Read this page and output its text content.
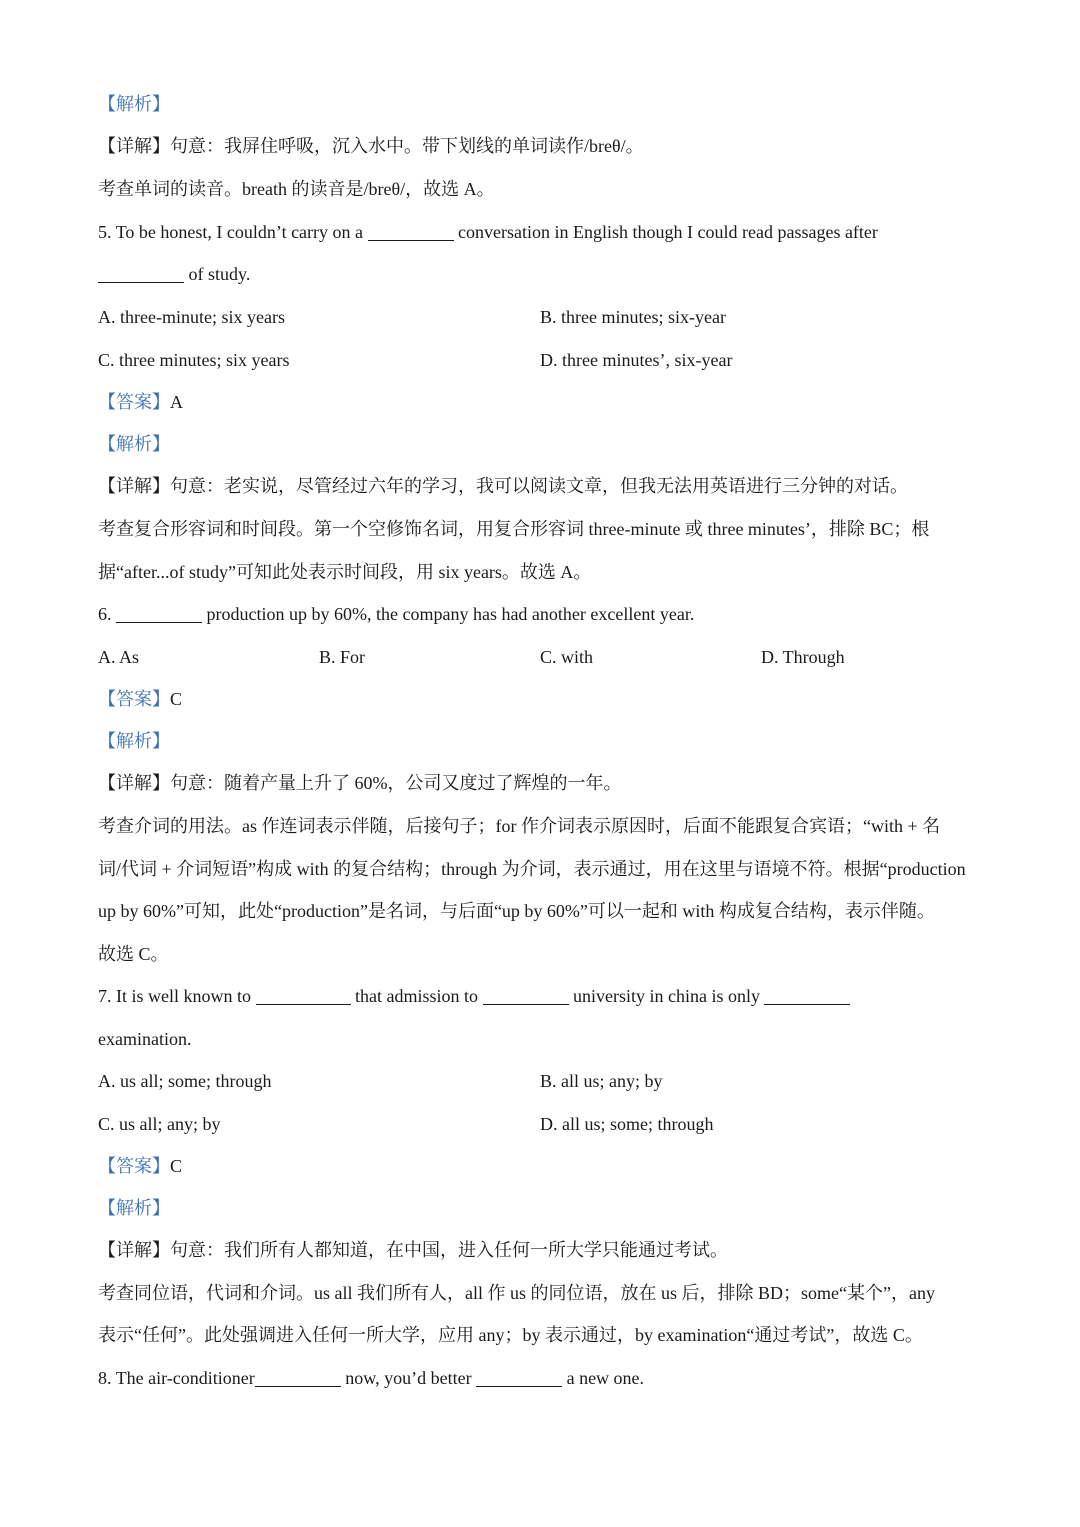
【解析】
【详解】句意：我屏住呼吸，沉入水中。带下划线的单词读作/breθ/。
考查单词的读音。breath 的读音是/breθ/，故选 A。
5. To be honest, I couldn’t carry on a	conversation in English though I could read passages after
of study.
A. three-minute; six years	B. three minutes; six-year
C. three minutes; six years	D. three minutes’, six-year
【答案】A
【解析】
【详解】句意：老实说，尽管经过六年的学习，我可以阅读文章，但我无法用英语进行三分钟的对话。
考查复合形容词和时间段。第一个空修饰名词，用复合形容词 three-minute 或 three minutes’，排除 BC；根
据“after...of study”可知此处表示时间段，用 six years。故选 A。
6.	production up by 60%, the company has had another excellent year.
A. As	B. For	C. with	D. Through
【答案】C
【解析】
【详解】句意：随着产量上升了 60%，公司又度过了辉煌的一年。
考查介词的用法。as 作连词表示伴随，后接句子；for 作介词表示原因时，后面不能跟复合宾语；“with + 名
词/代词 + 介词短语”构成 with 的复合结构；through 为介词，表示通过，用在这里与语境不符。根据“production
up by 60%”可知，此处“production”是名词，与后面“up by 60%”可以一起和 with 构成复合结构，表示伴随。
故选 C。
7. It is well known to	that admission to	university in china is only
examination.
A. us all; some; through	B. all us; any; by
C. us all; any; by	D. all us; some; through
【答案】C
【解析】
【详解】句意：我们所有人都知道，在中国，进入任何一所大学只能通过考试。
考查同位语，代词和介词。us all 我们所有人，all 作 us 的同位语，放在 us 后，排除 BD；some“某个”，any
表示“任何”。此处强调进入任何一所大学，应用 any；by 表示通过，by examination“通过考试”，故选 C。
8. The air-conditioner	now, you’d better	a new one.
